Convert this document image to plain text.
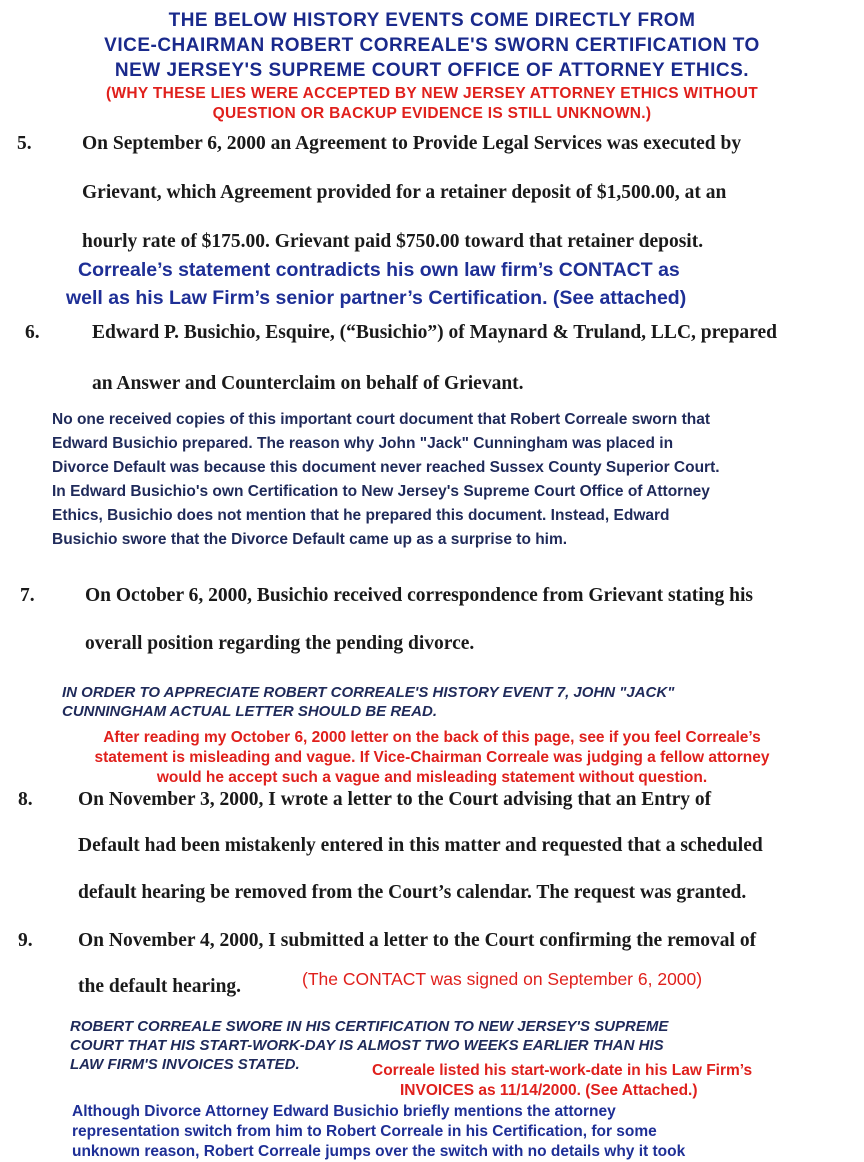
THE BELOW HISTORY EVENTS COME DIRECTLY FROM
VICE-CHAIRMAN ROBERT CORREALE'S SWORN CERTIFICATION TO
NEW JERSEY'S SUPREME COURT OFFICE OF ATTORNEY ETHICS.
(WHY THESE LIES WERE ACCEPTED BY NEW JERSEY ATTORNEY ETHICS WITHOUT
QUESTION OR BACKUP EVIDENCE IS STILL UNKNOWN.)
5.	On September 6, 2000 an Agreement to Provide Legal Services was executed by
Grievant, which Agreement provided for a retainer deposit of $1,500.00, at an
hourly rate of $175.00. Grievant paid $750.00 toward that retainer deposit.
Correale’s statement contradicts his own law firm’s CONTACT as
well as his Law Firm’s senior partner’s Certification. (See attached)
6.	Edward P. Busichio, Esquire, (“Busichio”) of Maynard & Truland, LLC, prepared
an Answer and Counterclaim on behalf of Grievant.
No one received copies of this important court document that Robert Correale sworn that
Edward Busichio prepared. The reason why John "Jack" Cunningham was placed in
Divorce Default was because this document never reached Sussex County Superior Court.
In Edward Busichio's own Certification to New Jersey's Supreme Court Office of Attorney
Ethics, Busichio does not mention that he prepared this document. Instead, Edward
Busichio swore that the Divorce Default came up as a surprise to him.
7.	On October 6, 2000, Busichio received correspondence from Grievant stating his
overall position regarding the pending divorce.
IN ORDER TO APPRECIATE ROBERT CORREALE'S HISTORY EVENT 7, JOHN "JACK"
CUNNINGHAM ACTUAL LETTER SHOULD BE READ.
After reading my October 6, 2000 letter on the back of this page, see if you feel Correale’s
statement is misleading and vague. If Vice-Chairman Correale was judging a fellow attorney
would he accept such a vague and misleading statement without question.
8. On November 3, 2000, I wrote a letter to the Court advising that an Entry of
Default had been mistakenly entered in this matter and requested that a scheduled
default hearing be removed from the Court’s calendar. The request was granted.
9. On November 4, 2000, I submitted a letter to the Court confirming the removal of
the default hearing.	(The CONTACT was signed on September 6, 2000)
ROBERT CORREALE SWORE IN HIS CERTIFICATION TO NEW JERSEY'S SUPREME
COURT THAT HIS START-WORK-DAY IS ALMOST TWO WEEKS EARLIER THAN HIS
LAW FIRM'S INVOICES STATED.	Correale listed his start-work-date in his Law Firm’s
INVOICES as 11/14/2000. (See Attached.)
Although Divorce Attorney Edward Busichio briefly mentions the attorney
representation switch from him to Robert Correale in his Certification, for some
unknown reason, Robert Correale jumps over the switch with no details why it took
